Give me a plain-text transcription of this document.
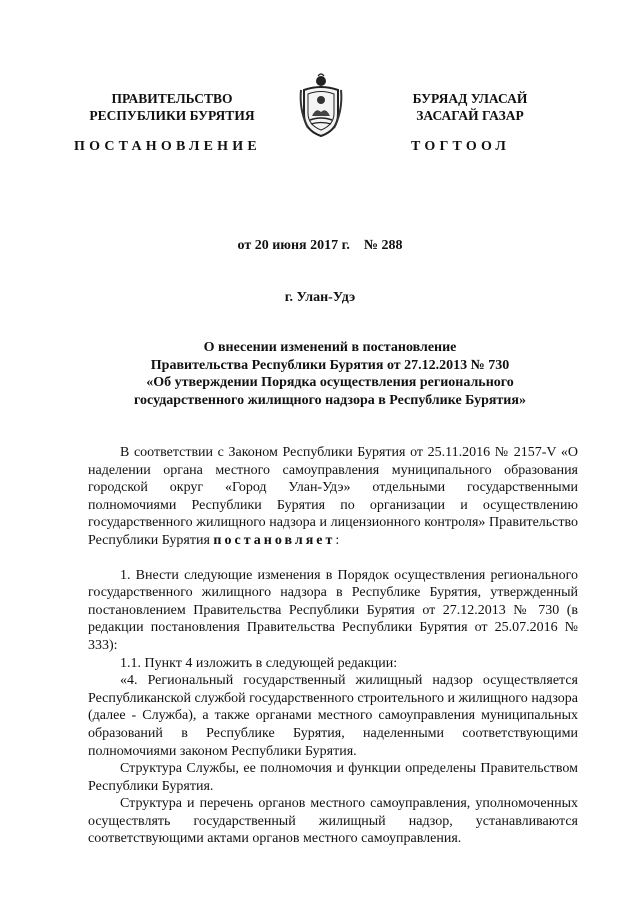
ПРАВИТЕЛЬСТВО
РЕСПУБЛИКИ БУРЯТИЯ
БУРЯАД УЛАСАЙ
ЗАСАГАЙ ГАЗАР
ПОСТАНОВЛЕНИЕ	ТОГТООЛ
от 20 июня 2017 г.    № 288
г. Улан-Удэ
О внесении изменений в постановление
Правительства Республики Бурятия от 27.12.2013 № 730
«Об утверждении Порядка осуществления регионального
государственного жилищного надзора в Республике Бурятия»

В соответствии с Законом Республики Бурятия от 25.11.2016 № 2157-V «О наделении органа местного самоуправления муниципального образования городской округ «Город Улан-Удэ» отдельными государственными полномочиями Республики Бурятия по организации и осуществлению государственного жилищного надзора и лицензионного контроля» Правительство Республики Бурятия постановляет:

1. Внести следующие изменения в Порядок осуществления регионального государственного жилищного надзора в Республике Бурятия, утвержденный постановлением Правительства Республики Бурятия от 27.12.2013 № 730 (в редакции постановления Правительства Республики Бурятия от 25.07.2016 № 333):

1.1. Пункт 4 изложить в следующей редакции:

«4. Региональный государственный жилищный надзор осуществляется Республиканской службой государственного строительного и жилищного надзора (далее - Служба), а также органами местного самоуправления муниципальных образований в Республике Бурятия, наделенными соответствующими полномочиями законом Республики Бурятия.

Структура Службы, ее полномочия и функции определены Правительством Республики Бурятия.

Структура и перечень органов местного самоуправления, уполномоченных осуществлять государственный жилищный надзор, устанавливаются соответствующими актами органов местного самоуправления.
